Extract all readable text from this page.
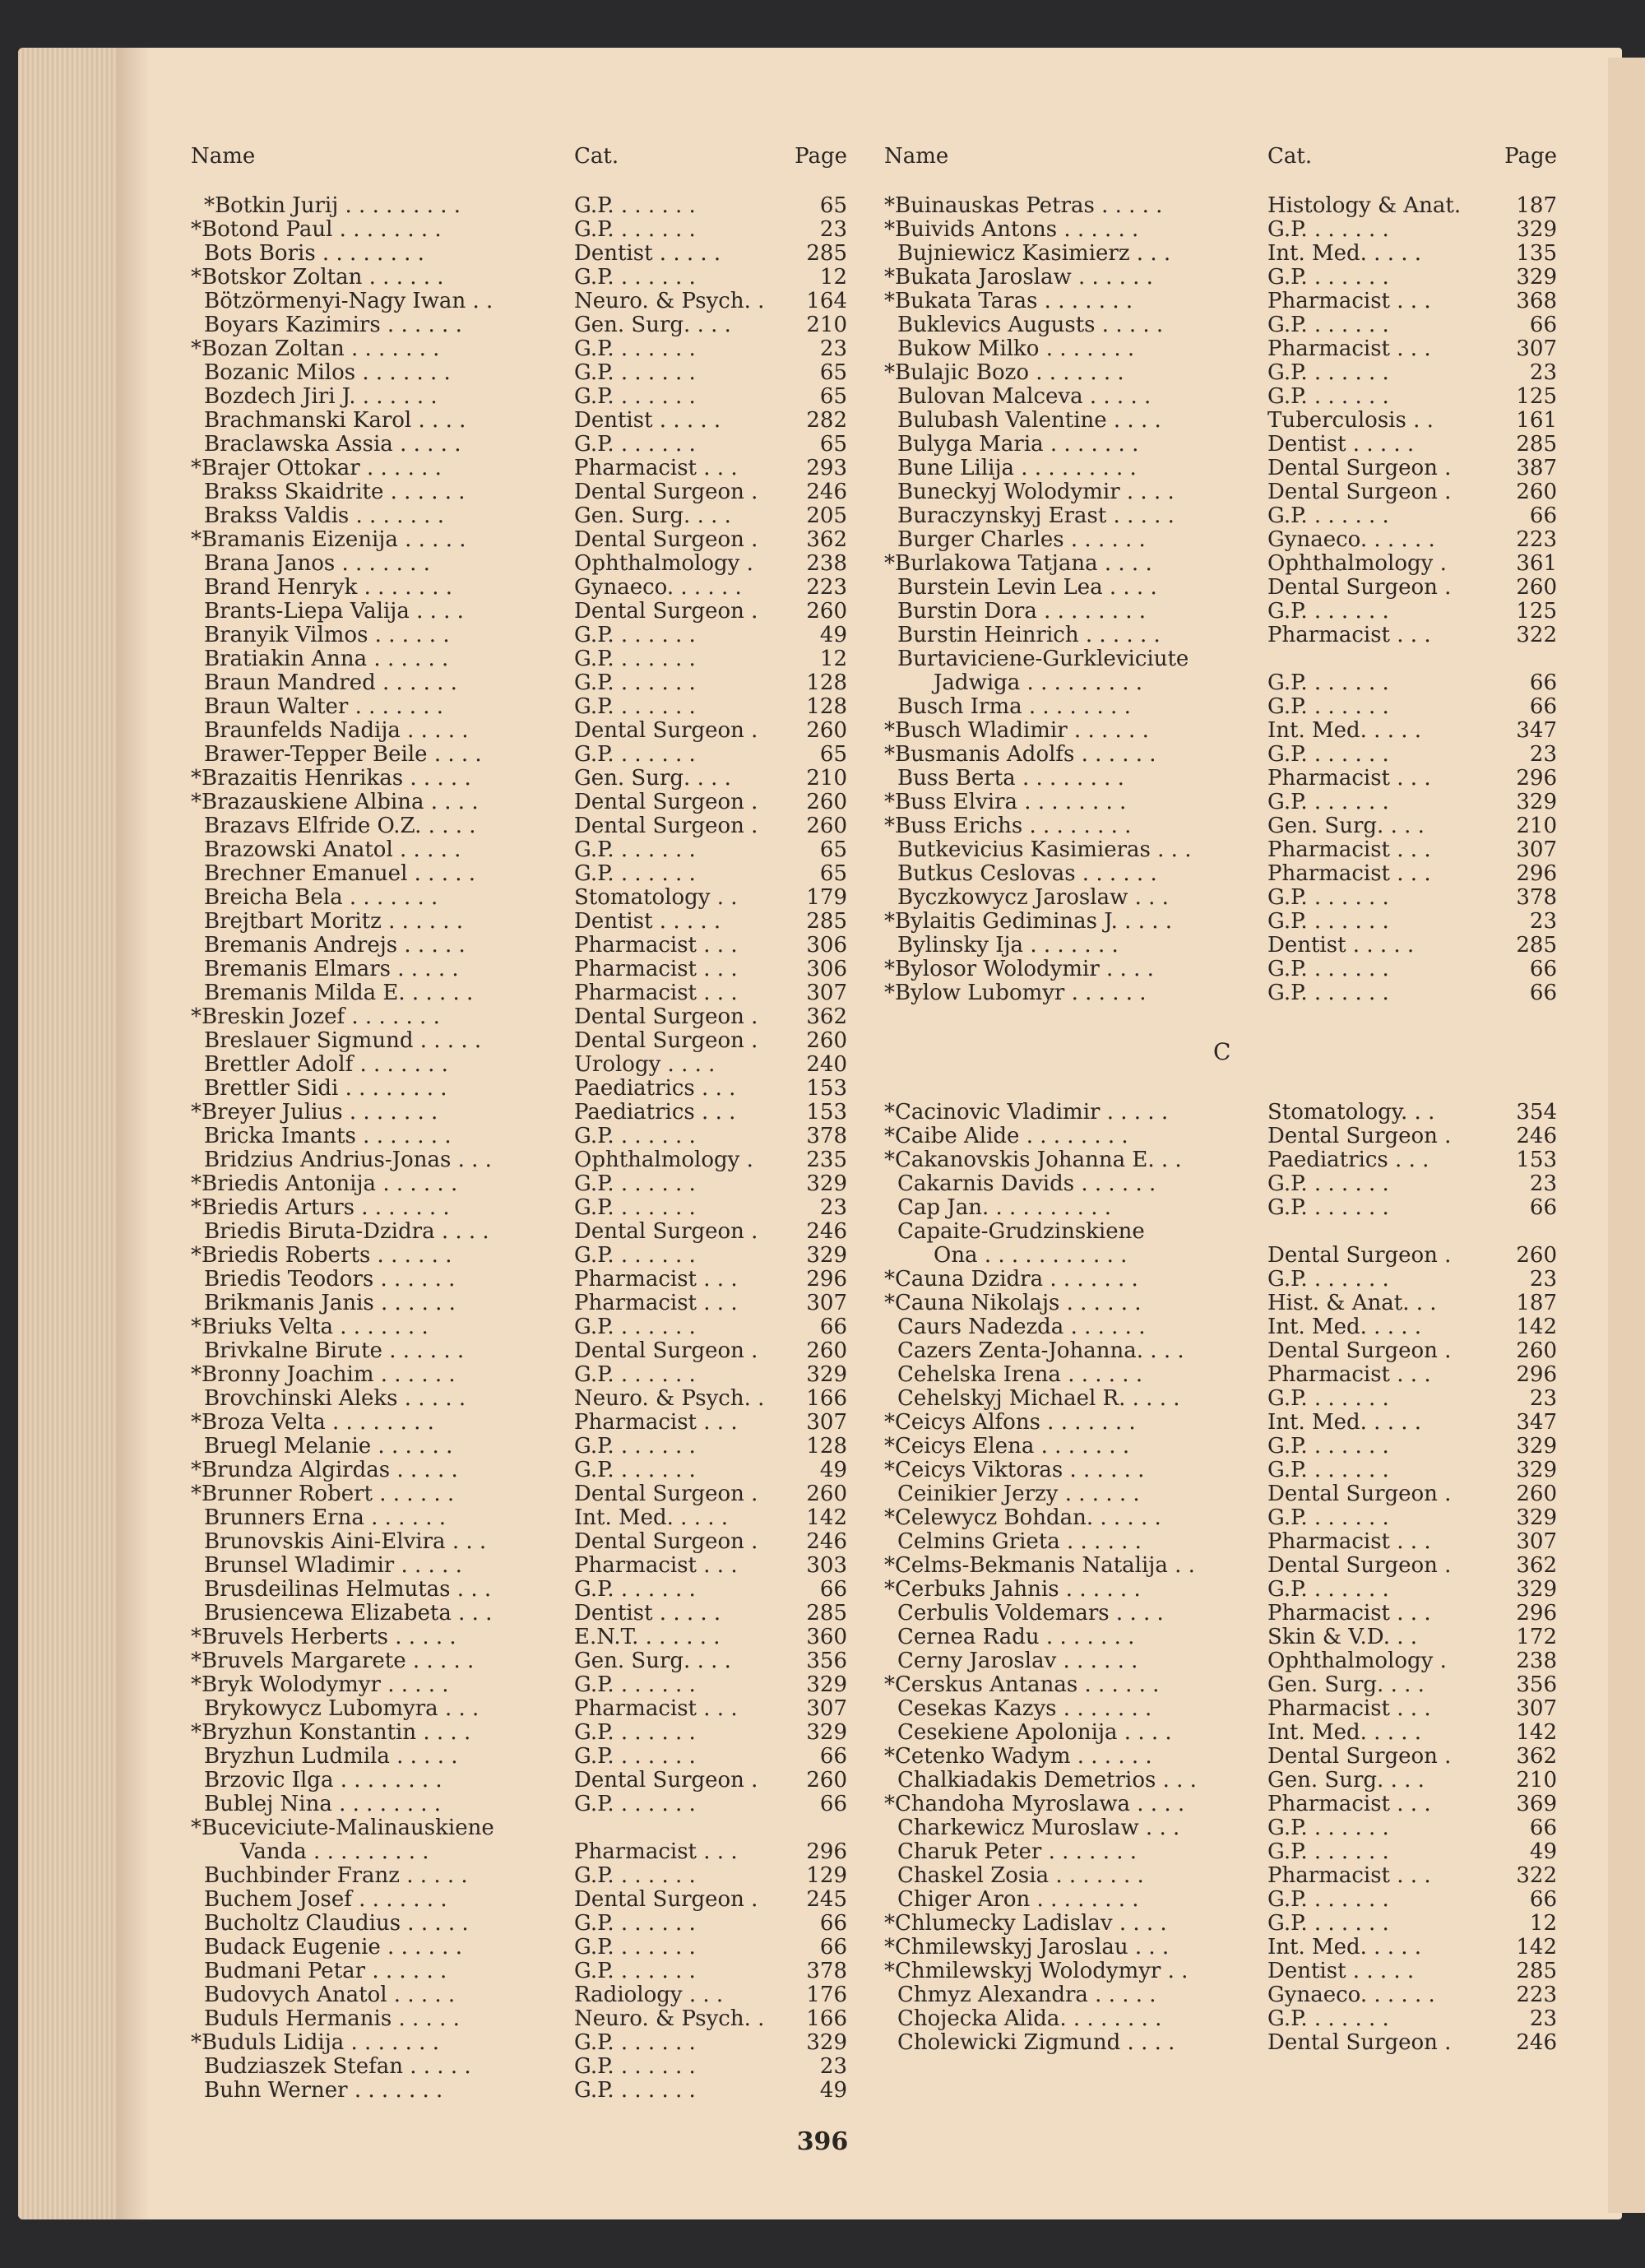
Name	Cat.	Page
*Botkin Jurij . . . . . . . . .	G.P. . . . . . .	65
*Botond Paul . . . . . . . .	G.P. . . . . . .	23
Bots Boris . . . . . . . .	Dentist . . . . .	285
*Botskor Zoltan . . . . . .	G.P. . . . . . .	12
Bötzörmenyi-Nagy Iwan . .	Neuro. & Psych. .	164
Boyars Kazimirs . . . . . .	Gen. Surg. . . .	210
*Bozan Zoltan . . . . . . .	G.P. . . . . . .	23
Bozanic Milos . . . . . . .	G.P. . . . . . .	65
Bozdech Jiri J. . . . . . .	G.P. . . . . . .	65
Brachmanski Karol . . . .	Dentist . . . . .	282
Braclawska Assia . . . . .	G.P. . . . . . .	65
*Brajer Ottokar . . . . . .	Pharmacist . . .	293
Brakss Skaidrite . . . . . .	Dental Surgeon .	246
Brakss Valdis . . . . . . .	Gen. Surg. . . .	205
*Bramanis Eizenija . . . . .	Dental Surgeon .	362
Brana Janos . . . . . . .	Ophthalmology .	238
Brand Henryk . . . . . . .	Gynaeco. . . . . .	223
Brants-Liepa Valija . . . .	Dental Surgeon .	260
Branyik Vilmos . . . . . .	G.P. . . . . . .	49
Bratiakin Anna . . . . . .	G.P. . . . . . .	12
Braun Mandred . . . . . .	G.P. . . . . . .	128
Braun Walter . . . . . . .	G.P. . . . . . .	128
Braunfelds Nadija . . . . .	Dental Surgeon .	260
Brawer-Tepper Beile . . . .	G.P. . . . . . .	65
*Brazaitis Henrikas . . . . .	Gen. Surg. . . .	210
*Brazauskiene Albina . . . .	Dental Surgeon .	260
Brazavs Elfride O.Z. . . . .	Dental Surgeon .	260
Brazowski Anatol . . . . .	G.P. . . . . . .	65
Brechner Emanuel . . . . .	G.P. . . . . . .	65
Breicha Bela . . . . . . .	Stomatology . .	179
Brejtbart Moritz . . . . . .	Dentist . . . . .	285
Bremanis Andrejs . . . . .	Pharmacist . . .	306
Bremanis Elmars . . . . .	Pharmacist . . .	306
Bremanis Milda E. . . . . .	Pharmacist . . .	307
*Breskin Jozef . . . . . . .	Dental Surgeon .	362
Breslauer Sigmund . . . . .	Dental Surgeon .	260
Brettler Adolf . . . . . . .	Urology . . . .	240
Brettler Sidi . . . . . . . .	Paediatrics . . .	153
*Breyer Julius . . . . . . .	Paediatrics . . .	153
Bricka Imants . . . . . . .	G.P. . . . . . .	378
Bridzius Andrius-Jonas . . .	Ophthalmology .	235
*Briedis Antonija . . . . . .	G.P. . . . . . .	329
*Briedis Arturs . . . . . . .	G.P. . . . . . .	23
Briedis Biruta-Dzidra . . . .	Dental Surgeon .	246
*Briedis Roberts . . . . . .	G.P. . . . . . .	329
Briedis Teodors . . . . . .	Pharmacist . . .	296
Brikmanis Janis . . . . . .	Pharmacist . . .	307
*Briuks Velta . . . . . . .	G.P. . . . . . .	66
Brivkalne Birute . . . . . .	Dental Surgeon .	260
*Bronny Joachim . . . . . .	G.P. . . . . . .	329
Brovchinski Aleks . . . . .	Neuro. & Psych. .	166
*Broza Velta . . . . . . . .	Pharmacist . . .	307
Bruegl Melanie . . . . . .	G.P. . . . . . .	128
*Brundza Algirdas . . . . .	G.P. . . . . . .	49
*Brunner Robert . . . . . .	Dental Surgeon .	260
Brunners Erna . . . . . .	Int. Med. . . . .	142
Brunovskis Aini-Elvira . . .	Dental Surgeon .	246
Brunsel Wladimir . . . . .	Pharmacist . . .	303
Brusdeilinas Helmutas . . .	G.P. . . . . . .	66
Brusiencewa Elizabeta . . .	Dentist . . . . .	285
*Bruvels Herberts . . . . .	E.N.T. . . . . . .	360
*Bruvels Margarete . . . . .	Gen. Surg. . . .	356
*Bryk Wolodymyr . . . . .	G.P. . . . . . .	329
Brykowycz Lubomyra . . .	Pharmacist . . .	307
*Bryzhun Konstantin . . . .	G.P. . . . . . .	329
Bryzhun Ludmila . . . . .	G.P. . . . . . .	66
Brzovic Ilga . . . . . . . .	Dental Surgeon .	260
Bublej Nina . . . . . . . .	G.P. . . . . . .	66
*Buceviciute-Malinauskiene
Vanda . . . . . . . . .	Pharmacist . . .	296
Buchbinder Franz . . . . .	G.P. . . . . . .	129
Buchem Josef . . . . . . .	Dental Surgeon .	245
Bucholtz Claudius . . . . .	G.P. . . . . . .	66
Budack Eugenie . . . . . .	G.P. . . . . . .	66
Budmani Petar . . . . . .	G.P. . . . . . .	378
Budovych Anatol . . . . .	Radiology . . .	176
Buduls Hermanis . . . . .	Neuro. & Psych. .	166
*Buduls Lidija . . . . . . .	G.P. . . . . . .	329
Budziaszek Stefan . . . . .	G.P. . . . . . .	23
Buhn Werner . . . . . . .	G.P. . . . . . .	49
Name	Cat.	Page
*Buinauskas Petras . . . . .	Histology & Anat.	187
*Buivids Antons . . . . . .	G.P. . . . . . .	329
Bujniewicz Kasimierz . . .	Int. Med. . . . .	135
*Bukata Jaroslaw . . . . . .	G.P. . . . . . .	329
*Bukata Taras . . . . . . .	Pharmacist . . .	368
Buklevics Augusts . . . . .	G.P. . . . . . .	66
Bukow Milko . . . . . . .	Pharmacist . . .	307
*Bulajic Bozo . . . . . . .	G.P. . . . . . .	23
Bulovan Malceva . . . . .	G.P. . . . . . .	125
Bulubash Valentine . . . .	Tuberculosis . .	161
Bulyga Maria . . . . . . .	Dentist . . . . .	285
Bune Lilija . . . . . . . . .	Dental Surgeon .	387
Buneckyj Wolodymir . . . .	Dental Surgeon .	260
Buraczynskyj Erast . . . . .	G.P. . . . . . .	66
Burger Charles . . . . . .	Gynaeco. . . . . .	223
*Burlakowa Tatjana . . . .	Ophthalmology .	361
Burstein Levin Lea . . . .	Dental Surgeon .	260
Burstin Dora . . . . . . . .	G.P. . . . . . .	125
Burstin Heinrich . . . . . .	Pharmacist . . .	322
Burtaviciene-Gurkleviciute
Jadwiga . . . . . . . . .	G.P. . . . . . .	66
Busch Irma . . . . . . . .	G.P. . . . . . .	66
*Busch Wladimir . . . . . .	Int. Med. . . . .	347
*Busmanis Adolfs . . . . . .	G.P. . . . . . .	23
Buss Berta . . . . . . . .	Pharmacist . . .	296
*Buss Elvira . . . . . . . .	G.P. . . . . . .	329
*Buss Erichs . . . . . . . .	Gen. Surg. . . .	210
Butkevicius Kasimieras . . .	Pharmacist . . .	307
Butkus Ceslovas . . . . . .	Pharmacist . . .	296
Byczkowycz Jaroslaw . . .	G.P. . . . . . .	378
*Bylaitis Gediminas J. . . . .	G.P. . . . . . .	23
Bylinsky Ija . . . . . . .	Dentist . . . . .	285
*Bylosor Wolodymir . . . .	G.P. . . . . . .	66
*Bylow Lubomyr . . . . . .	G.P. . . . . . .	66
C
*Cacinovic Vladimir . . . . .	Stomatology. . .	354
*Caibe Alide . . . . . . . .	Dental Surgeon .	246
*Cakanovskis Johanna E. . .	Paediatrics . . .	153
Cakarnis Davids . . . . . .	G.P. . . . . . .	23
Cap Jan. . . . . . . . . .	G.P. . . . . . .	66
Capaite-Grudzinskiene
Ona . . . . . . . . . . .	Dental Surgeon .	260
*Cauna Dzidra . . . . . . .	G.P. . . . . . .	23
*Cauna Nikolajs . . . . . .	Hist. & Anat. . .	187
Caurs Nadezda . . . . . .	Int. Med. . . . .	142
Cazers Zenta-Johanna. . . .	Dental Surgeon .	260
Cehelska Irena . . . . . .	Pharmacist . . .	296
Cehelskyj Michael R. . . . .	G.P. . . . . . .	23
*Ceicys Alfons . . . . . . .	Int. Med. . . . .	347
*Ceicys Elena . . . . . . .	G.P. . . . . . .	329
*Ceicys Viktoras . . . . . .	G.P. . . . . . .	329
Ceinikier Jerzy . . . . . .	Dental Surgeon .	260
*Celewycz Bohdan. . . . . .	G.P. . . . . . .	329
Celmins Grieta . . . . . .	Pharmacist . . .	307
*Celms-Bekmanis Natalija . .	Dental Surgeon .	362
*Cerbuks Jahnis . . . . . .	G.P. . . . . . .	329
Cerbulis Voldemars . . . .	Pharmacist . . .	296
Cernea Radu . . . . . . .	Skin & V.D. . .	172
Cerny Jaroslav . . . . . .	Ophthalmology .	238
*Cerskus Antanas . . . . . .	Gen. Surg. . . .	356
Cesekas Kazys . . . . . . .	Pharmacist . . .	307
Cesekiene Apolonija . . . .	Int. Med. . . . .	142
*Cetenko Wadym . . . . . .	Dental Surgeon .	362
Chalkiadakis Demetrios . . .	Gen. Surg. . . .	210
*Chandoha Myroslawa . . . .	Pharmacist . . .	369
Charkewicz Muroslaw . . .	G.P. . . . . . .	66
Charuk Peter . . . . . . .	G.P. . . . . . .	49
Chaskel Zosia . . . . . . .	Pharmacist . . .	322
Chiger Aron . . . . . . . .	G.P. . . . . . .	66
*Chlumecky Ladislav . . . .	G.P. . . . . . .	12
*Chmilewskyj Jaroslau . . .	Int. Med. . . . .	142
*Chmilewskyj Wolodymyr . .	Dentist . . . . .	285
Chmyz Alexandra . . . . .	Gynaeco. . . . . .	223
Chojecka Alida. . . . . . . .	G.P. . . . . . .	23
Cholewicki Zigmund . . . .	Dental Surgeon .	246
396
